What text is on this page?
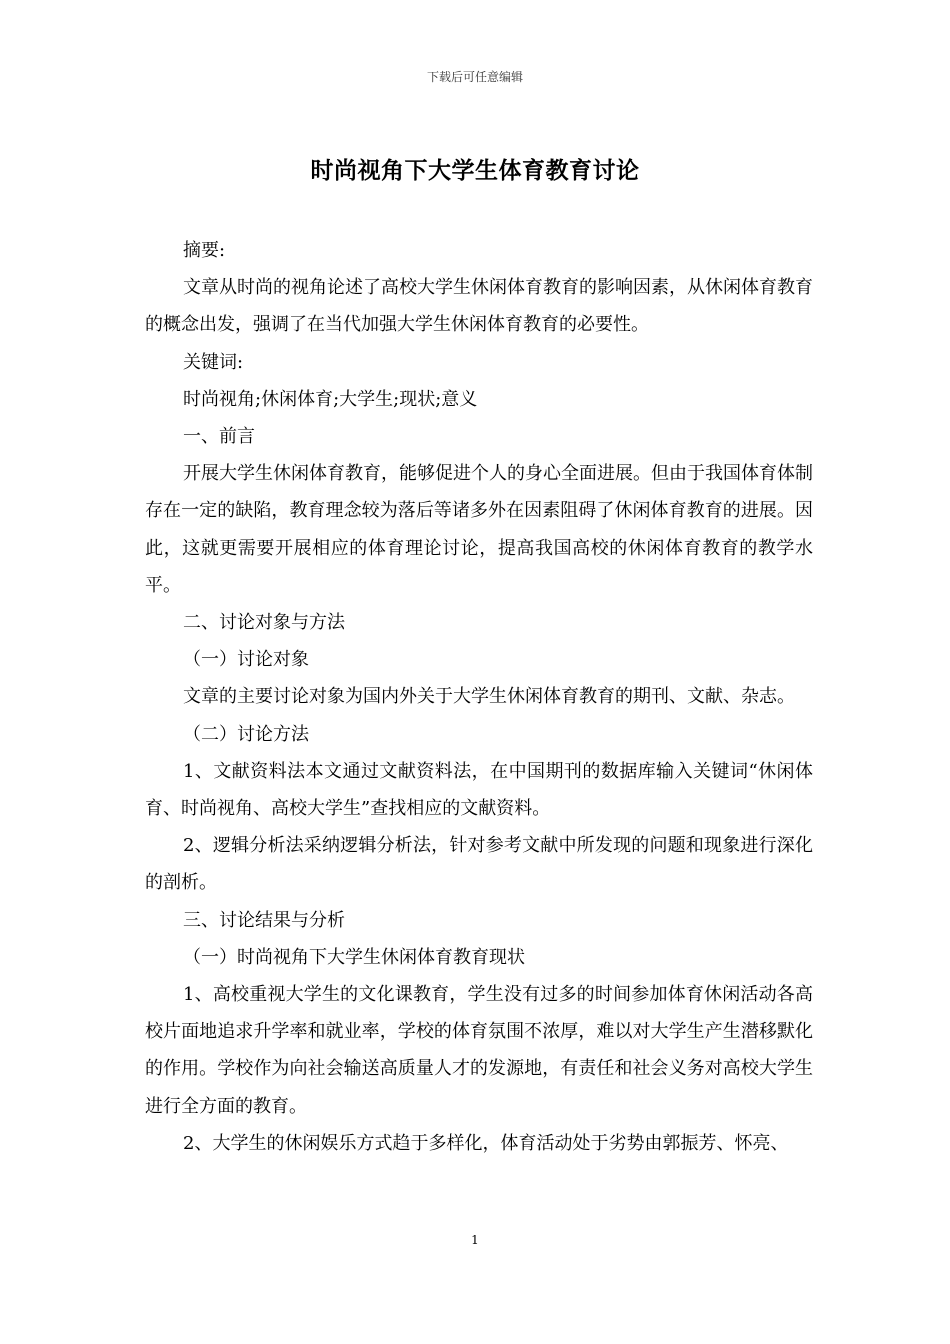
下载后可任意编辑
时尚视角下大学生体育教育讨论

摘要:

文章从时尚的视角论述了高校大学生休闲体育教育的影响因素，从休闲体育教育的概念出发，强调了在当代加强大学生休闲体育教育的必要性。

关键词:

时尚视角;休闲体育;大学生;现状;意义

一、前言

开展大学生休闲体育教育，能够促进个人的身心全面进展。但由于我国体育体制存在一定的缺陷，教育理念较为落后等诸多外在因素阻碍了休闲体育教育的进展。因此，这就更需要开展相应的体育理论讨论，提高我国高校的休闲体育教育的教学水平。

二、讨论对象与方法

（一）讨论对象

文章的主要讨论对象为国内外关于大学生休闲体育教育的期刊、文献、杂志。

（二）讨论方法

1、文献资料法本文通过文献资料法，在中国期刊的数据库输入关键词“休闲体育、时尚视角、高校大学生”查找相应的文献资料。

2、逻辑分析法采纳逻辑分析法，针对参考文献中所发现的问题和现象进行深化的剖析。

三、讨论结果与分析

（一）时尚视角下大学生休闲体育教育现状

1、高校重视大学生的文化课教育，学生没有过多的时间参加体育休闲活动各高校片面地追求升学率和就业率，学校的体育氛围不浓厚，难以对大学生产生潜移默化的作用。学校作为向社会输送高质量人才的发源地，有责任和社会义务对高校大学生进行全方面的教育。

2、大学生的休闲娱乐方式趋于多样化，体育活动处于劣势由郭振芳、怀亮、

1
